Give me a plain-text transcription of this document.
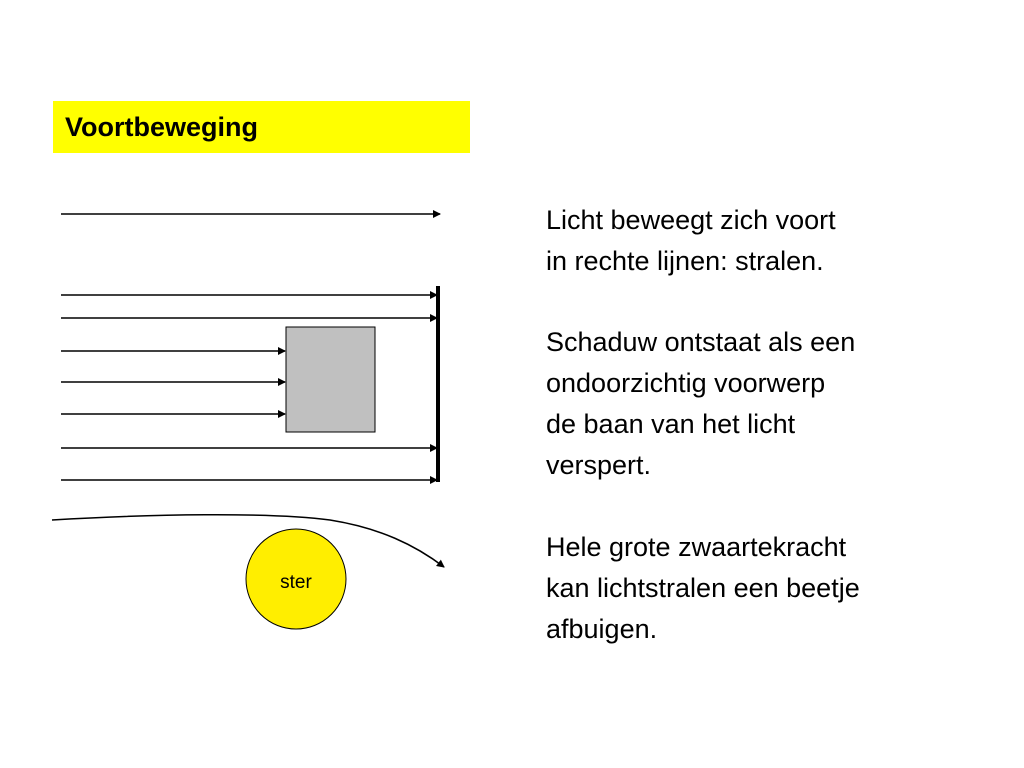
Voortbeweging
ster
Licht beweegt zich voort
in rechte lijnen: stralen.
Schaduw ontstaat als een
ondoorzichtig voorwerp
de baan van het licht
verspert.
Hele grote zwaartekracht
kan lichtstralen een beetje
afbuigen.
